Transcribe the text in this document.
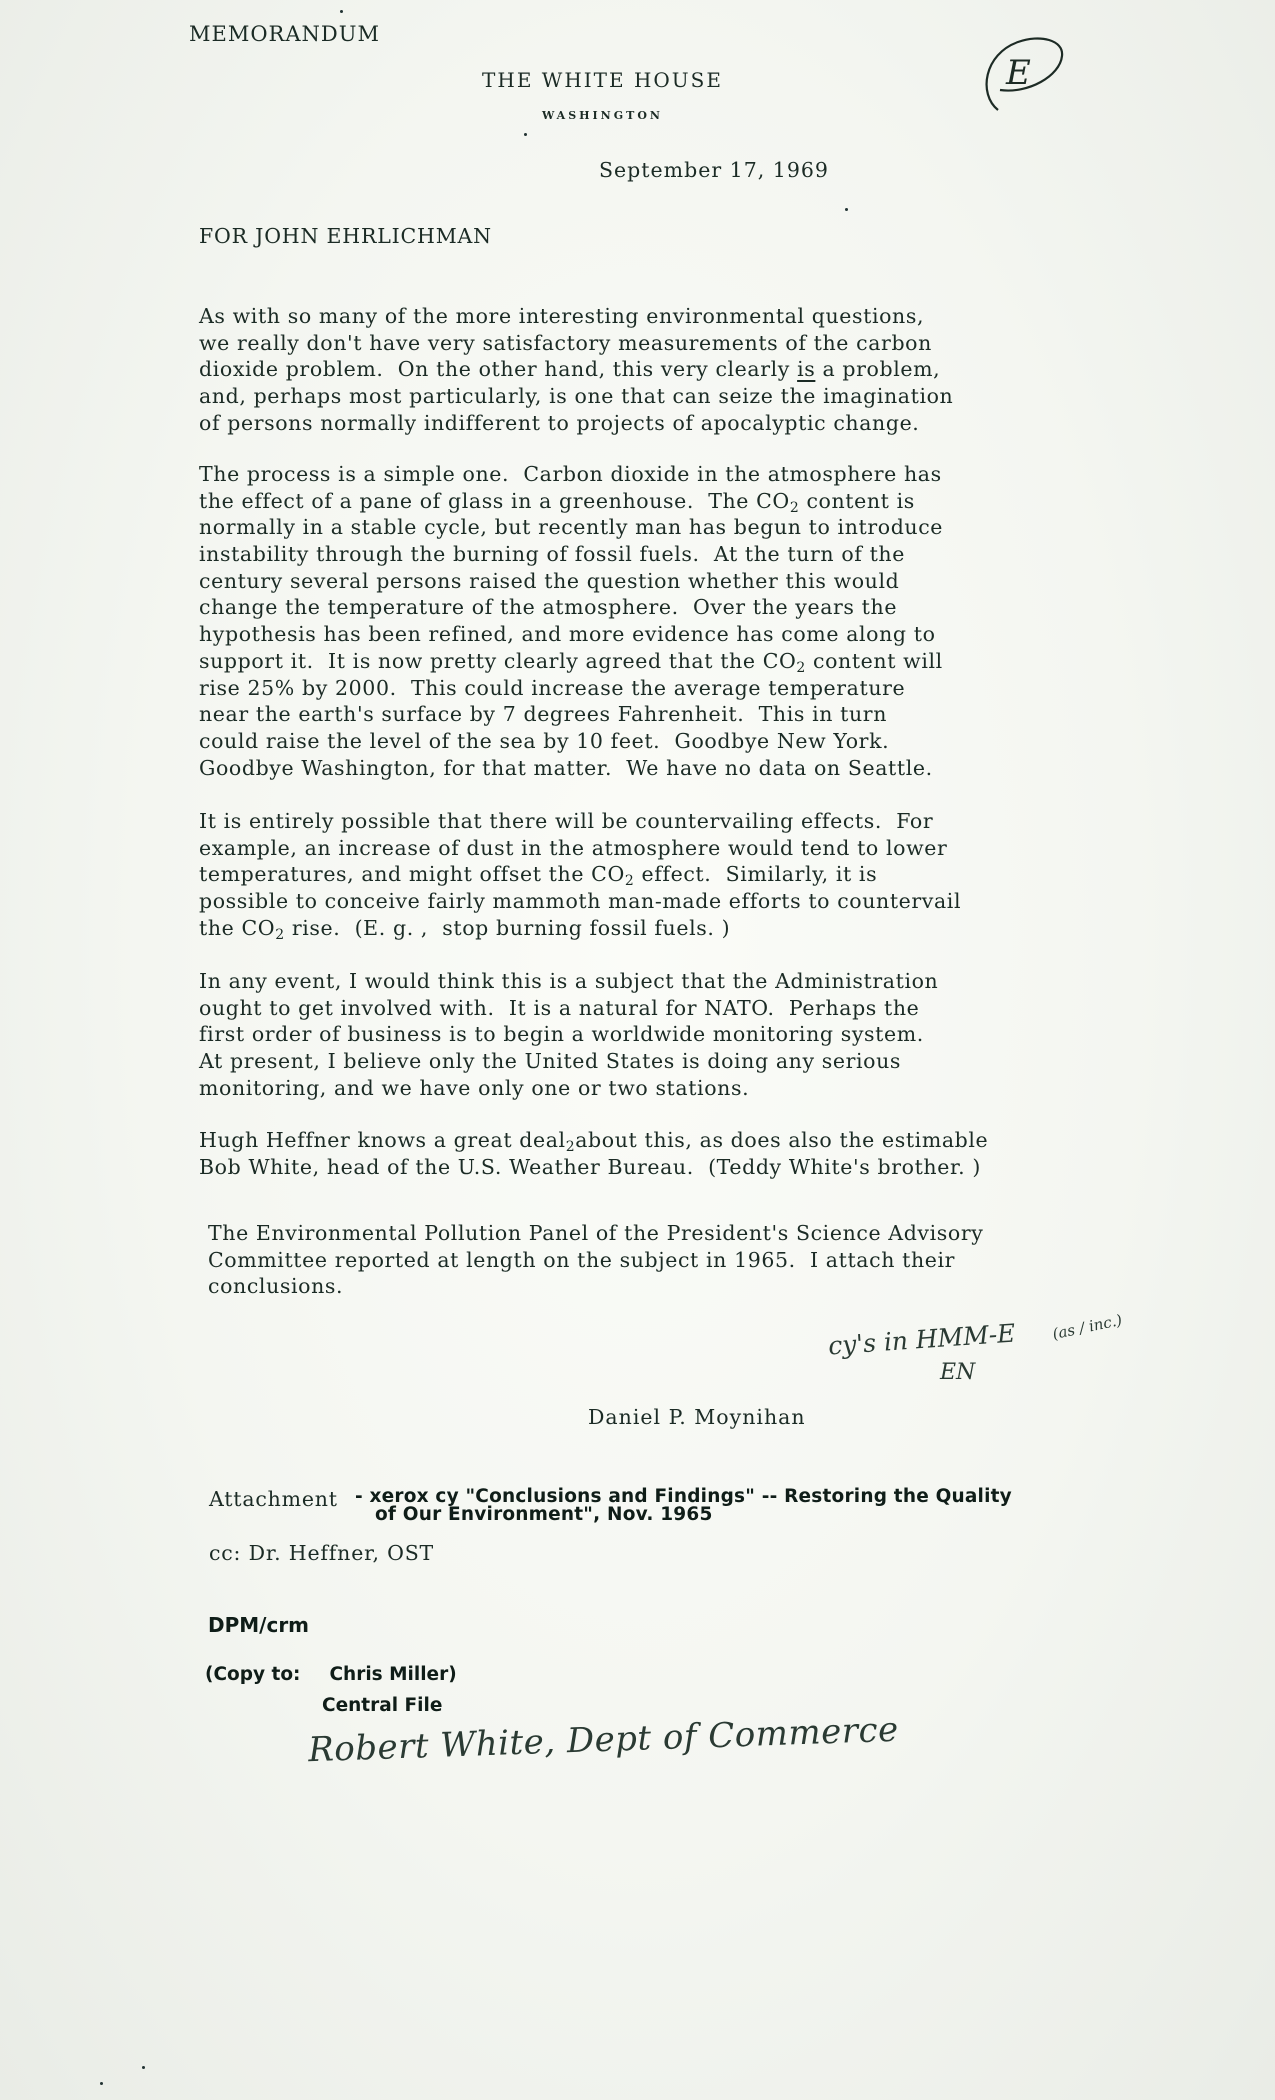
MEMORANDUM
THE WHITE HOUSE
WASHINGTON
E
September 17, 1969
FOR JOHN EHRLICHMAN
As with so many of the more interesting environmental questions,
we really don't have very satisfactory measurements of the carbon
dioxide problem.  On the other hand, this very clearly is a problem,
and, perhaps most particularly, is one that can seize the imagination
of persons normally indifferent to projects of apocalyptic change.
The process is a simple one.  Carbon dioxide in the atmosphere has
the effect of a pane of glass in a greenhouse.  The $CO_2$ content is
normally in a stable cycle, but recently man has begun to introduce
instability through the burning of fossil fuels.  At the turn of the
century several persons raised the question whether this would
change the temperature of the atmosphere.  Over the years the
hypothesis has been refined, and more evidence has come along to
support it.  It is now pretty clearly agreed that the $CO_2$ content will
rise 25% by 2000.  This could increase the average temperature
near the earth's surface by 7 degrees Fahrenheit.  This in turn
could raise the level of the sea by 10 feet.  Goodbye New York.
Goodbye Washington, for that matter.  We have no data on Seattle.
It is entirely possible that there will be countervailing effects.  For
example, an increase of dust in the atmosphere would tend to lower
temperatures, and might offset the $CO_2$ effect.  Similarly, it is
possible to conceive fairly mammoth man-made efforts to countervail
the $CO_2$ rise.  (E. g. ,  stop burning fossil fuels. )
In any event, I would think this is a subject that the Administration
ought to get involved with.  It is a natural for NATO.  Perhaps the
first order of business is to begin a worldwide monitoring system.
At present, I believe only the United States is doing any serious
monitoring, and we have only one or two stations.
Hugh Heffner knows a great deal$_2$about this, as does also the estimable
Bob White, head of the U.S. Weather Bureau.  (Teddy White's brother. )
The Environmental Pollution Panel of the President's Science Advisory
Committee reported at length on the subject in 1965.  I attach their
conclusions.
cy's in HMM-E
EN
(as / inc.)
Daniel P. Moynihan
Attachment - xerox cy "Conclusions and Findings" -- Restoring the Quality
of Our Environment", Nov. 1965
cc: Dr. Heffner, OST
DPM/crm
(Copy to: Chris Miller)
Central File
Robert White, Dept of Commerce
